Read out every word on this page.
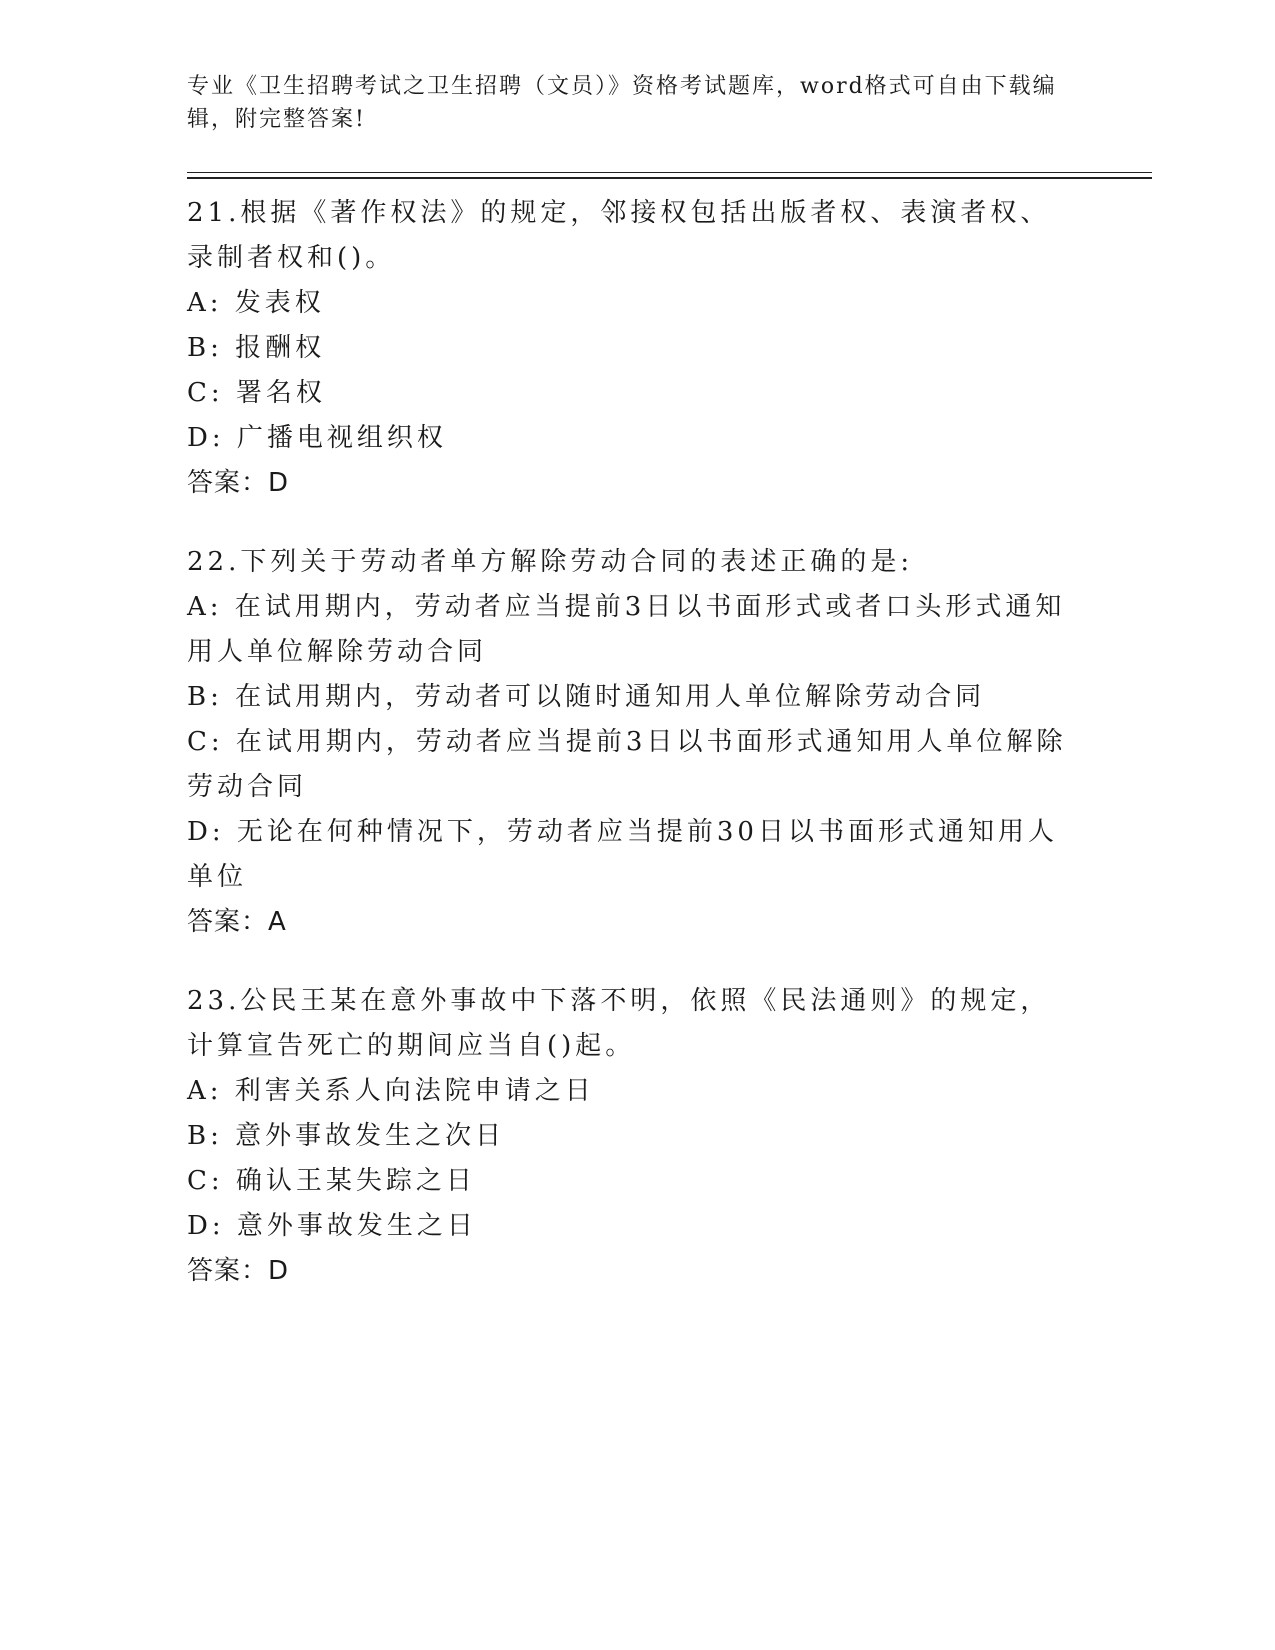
专业《卫生招聘考试之卫生招聘（文员）》资格考试题库，word格式可自由下载编辑，附完整答案!

21.根据《著作权法》的规定，邻接权包括出版者权、表演者权、录制者权和()。

A: 发表权

B: 报酬权

C: 署名权

D: 广播电视组织权

答案：D

22.下列关于劳动者单方解除劳动合同的表述正确的是:

A: 在试用期内，劳动者应当提前3日以书面形式或者口头形式通知用人单位解除劳动合同

B: 在试用期内，劳动者可以随时通知用人单位解除劳动合同

C: 在试用期内，劳动者应当提前3日以书面形式通知用人单位解除劳动合同

D: 无论在何种情况下，劳动者应当提前30日以书面形式通知用人单位

答案：A

23.公民王某在意外事故中下落不明，依照《民法通则》的规定，计算宣告死亡的期间应当自()起。

A: 利害关系人向法院申请之日

B: 意外事故发生之次日

C: 确认王某失踪之日

D: 意外事故发生之日

答案：D
